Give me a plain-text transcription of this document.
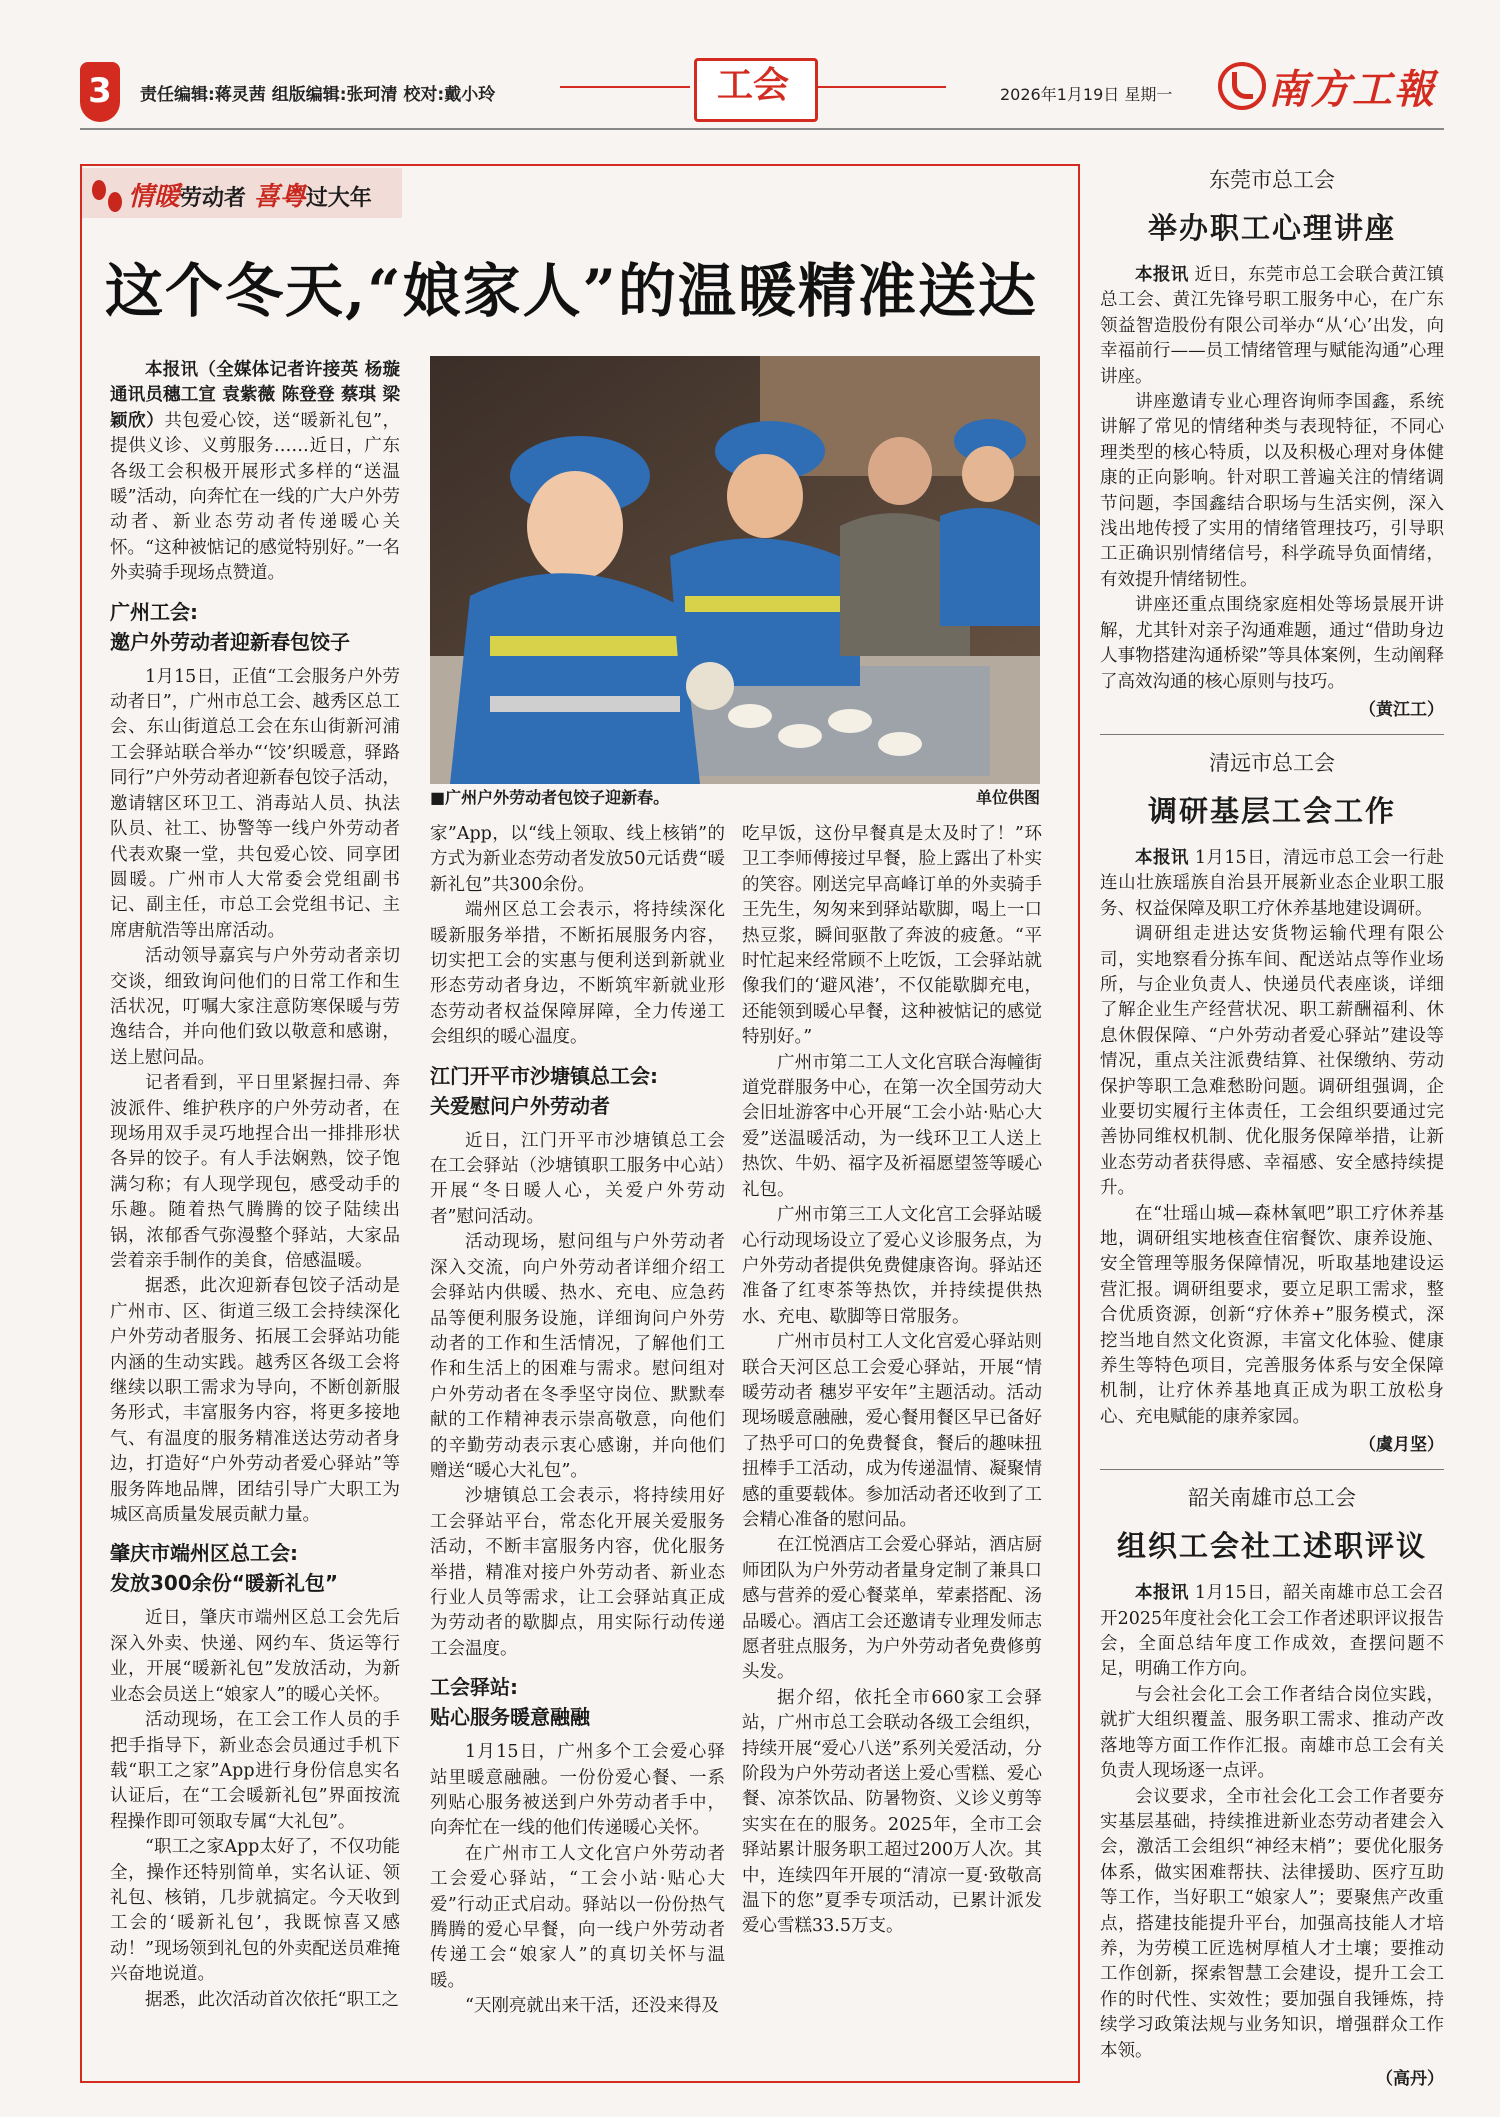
3	责任编辑:蒋灵茜 组版编辑:张珂清 校对:戴小玲	工会	2026年1月19日 星期一 南方工報
情暖劳动者 喜粤过大年
这个冬天,“娘家人”的温暖精准送达
■广州户外劳动者包饺子迎新春。	单位供图

本报讯（全媒体记者许接英 杨璇 通讯员穗工宣 袁紫薇 陈登登 蔡琪 梁颖欣）共包爱心饺，送“暖新礼包”，提供义诊、义剪服务……近日，广东各级工会积极开展形式多样的“送温暖”活动，向奔忙在一线的广大户外劳动者、新业态劳动者传递暖心关怀。“这种被惦记的感觉特别好。”一名外卖骑手现场点赞道。

广州工会:
邀户外劳动者迎新春包饺子

1月15日，正值“工会服务户外劳动者日”，广州市总工会、越秀区总工会、东山街道总工会在东山街新河浦工会驿站联合举办“‘饺’织暖意，驿路同行”户外劳动者迎新春包饺子活动，邀请辖区环卫工、消毒站人员、执法队员、社工、协警等一线户外劳动者代表欢聚一堂，共包爱心饺、同享团圆暖。广州市人大常委会党组副书记、副主任，市总工会党组书记、主席唐航浩等出席活动。

活动领导嘉宾与户外劳动者亲切交谈，细致询问他们的日常工作和生活状况，叮嘱大家注意防寒保暖与劳逸结合，并向他们致以敬意和感谢，送上慰问品。

记者看到，平日里紧握扫帚、奔波派件、维护秩序的户外劳动者，在现场用双手灵巧地捏合出一排排形状各异的饺子。有人手法娴熟，饺子饱满匀称；有人现学现包，感受动手的乐趣。随着热气腾腾的饺子陆续出锅，浓郁香气弥漫整个驿站，大家品尝着亲手制作的美食，倍感温暖。

据悉，此次迎新春包饺子活动是广州市、区、街道三级工会持续深化户外劳动者服务、拓展工会驿站功能内涵的生动实践。越秀区各级工会将继续以职工需求为导向，不断创新服务形式，丰富服务内容，将更多接地气、有温度的服务精准送达劳动者身边，打造好“户外劳动者爱心驿站”等服务阵地品牌，团结引导广大职工为城区高质量发展贡献力量。

肇庆市端州区总工会:
发放300余份“暖新礼包”

近日，肇庆市端州区总工会先后深入外卖、快递、网约车、货运等行业，开展“暖新礼包”发放活动，为新业态会员送上“娘家人”的暖心关怀。

活动现场，在工会工作人员的手把手指导下，新业态会员通过手机下载“职工之家”App进行身份信息实名认证后，在“工会暖新礼包”界面按流程操作即可领取专属“大礼包”。

“职工之家App太好了，不仅功能全，操作还特别简单，实名认证、领礼包、核销，几步就搞定。今天收到工会的‘暖新礼包’，我既惊喜又感动！”现场领到礼包的外卖配送员难掩兴奋地说道。

据悉，此次活动首次依托“职工之

家”App，以“线上领取、线上核销”的方式为新业态劳动者发放50元话费“暖新礼包”共300余份。

端州区总工会表示，将持续深化暖新服务举措，不断拓展服务内容，切实把工会的实惠与便利送到新就业形态劳动者身边，不断筑牢新就业形态劳动者权益保障屏障，全力传递工会组织的暖心温度。

江门开平市沙塘镇总工会:
关爱慰问户外劳动者

近日，江门开平市沙塘镇总工会在工会驿站（沙塘镇职工服务中心站）开展“冬日暖人心，关爱户外劳动者”慰问活动。

活动现场，慰问组与户外劳动者深入交流，向户外劳动者详细介绍工会驿站内供暖、热水、充电、应急药品等便利服务设施，详细询问户外劳动者的工作和生活情况，了解他们工作和生活上的困难与需求。慰问组对户外劳动者在冬季坚守岗位、默默奉献的工作精神表示崇高敬意，向他们的辛勤劳动表示衷心感谢，并向他们赠送“暖心大礼包”。

沙塘镇总工会表示，将持续用好工会驿站平台，常态化开展关爱服务活动，不断丰富服务内容，优化服务举措，精准对接户外劳动者、新业态行业人员等需求，让工会驿站真正成为劳动者的歇脚点，用实际行动传递工会温度。

工会驿站:
贴心服务暖意融融

1月15日，广州多个工会爱心驿站里暖意融融。一份份爱心餐、一系列贴心服务被送到户外劳动者手中，向奔忙在一线的他们传递暖心关怀。

在广州市工人文化宫户外劳动者工会爱心驿站，“工会小站·贴心大爱”行动正式启动。驿站以一份份热气腾腾的爱心早餐，向一线户外劳动者传递工会“娘家人”的真切关怀与温暖。

“天刚亮就出来干活，还没来得及

吃早饭，这份早餐真是太及时了！”环卫工李师傅接过早餐，脸上露出了朴实的笑容。刚送完早高峰订单的外卖骑手王先生，匆匆来到驿站歇脚，喝上一口热豆浆，瞬间驱散了奔波的疲惫。“平时忙起来经常顾不上吃饭，工会驿站就像我们的‘避风港’，不仅能歇脚充电，还能领到暖心早餐，这种被惦记的感觉特别好。”

广州市第二工人文化宫联合海幢街道党群服务中心，在第一次全国劳动大会旧址游客中心开展“工会小站·贴心大爱”送温暖活动，为一线环卫工人送上热饮、牛奶、福字及祈福愿望签等暖心礼包。

广州市第三工人文化宫工会驿站暖心行动现场设立了爱心义诊服务点，为户外劳动者提供免费健康咨询。驿站还准备了红枣茶等热饮，并持续提供热水、充电、歇脚等日常服务。

广州市员村工人文化宫爱心驿站则联合天河区总工会爱心驿站，开展“情暖劳动者 穗岁平安年”主题活动。活动现场暖意融融，爱心餐用餐区早已备好了热乎可口的免费餐食，餐后的趣味扭扭棒手工活动，成为传递温情、凝聚情感的重要载体。参加活动者还收到了工会精心准备的慰问品。

在江悦酒店工会爱心驿站，酒店厨师团队为户外劳动者量身定制了兼具口感与营养的爱心餐菜单，荤素搭配、汤品暖心。酒店工会还邀请专业理发师志愿者驻点服务，为户外劳动者免费修剪头发。

据介绍，依托全市660家工会驿站，广州市总工会联动各级工会组织，持续开展“爱心八送”系列关爱活动，分阶段为户外劳动者送上爱心雪糕、爱心餐、凉茶饮品、防暑物资、义诊义剪等实实在在的服务。2025年，全市工会驿站累计服务职工超过200万人次。其中，连续四年开展的“清凉一夏·致敬高温下的您”夏季专项活动，已累计派发爱心雪糕33.5万支。

东莞市总工会
举办职工心理讲座

本报讯 近日，东莞市总工会联合黄江镇总工会、黄江先锋号职工服务中心，在广东领益智造股份有限公司举办“从‘心’出发，向幸福前行——员工情绪管理与赋能沟通”心理讲座。

讲座邀请专业心理咨询师李国鑫，系统讲解了常见的情绪种类与表现特征，不同心理类型的核心特质，以及积极心理对身体健康的正向影响。针对职工普遍关注的情绪调节问题，李国鑫结合职场与生活实例，深入浅出地传授了实用的情绪管理技巧，引导职工正确识别情绪信号，科学疏导负面情绪，有效提升情绪韧性。

讲座还重点围绕家庭相处等场景展开讲解，尤其针对亲子沟通难题，通过“借助身边人事物搭建沟通桥梁”等具体案例，生动阐释了高效沟通的核心原则与技巧。

（黄江工）
清远市总工会
调研基层工会工作

本报讯 1月15日，清远市总工会一行赴连山壮族瑶族自治县开展新业态企业职工服务、权益保障及职工疗休养基地建设调研。

调研组走进达安货物运输代理有限公司，实地察看分拣车间、配送站点等作业场所，与企业负责人、快递员代表座谈，详细了解企业生产经营状况、职工薪酬福利、休息休假保障、“户外劳动者爱心驿站”建设等情况，重点关注派费结算、社保缴纳、劳动保护等职工急难愁盼问题。调研组强调，企业要切实履行主体责任，工会组织要通过完善协同维权机制、优化服务保障举措，让新业态劳动者获得感、幸福感、安全感持续提升。

在“壮瑶山城—森林氧吧”职工疗休养基地，调研组实地核查住宿餐饮、康养设施、安全管理等服务保障情况，听取基地建设运营汇报。调研组要求，要立足职工需求，整合优质资源，创新“疗休养+”服务模式，深挖当地自然文化资源，丰富文化体验、健康养生等特色项目，完善服务体系与安全保障机制，让疗休养基地真正成为职工放松身心、充电赋能的康养家园。

（虞月坚）
韶关南雄市总工会
组织工会社工述职评议

本报讯 1月15日，韶关南雄市总工会召开2025年度社会化工会工作者述职评议报告会，全面总结年度工作成效，查摆问题不足，明确工作方向。

与会社会化工会工作者结合岗位实践，就扩大组织覆盖、服务职工需求、推动产改落地等方面工作作汇报。南雄市总工会有关负责人现场逐一点评。

会议要求，全市社会化工会工作者要夯实基层基础，持续推进新业态劳动者建会入会，激活工会组织“神经末梢”；要优化服务体系，做实困难帮扶、法律援助、医疗互助等工作，当好职工“娘家人”；要聚焦产改重点，搭建技能提升平台，加强高技能人才培养，为劳模工匠选树厚植人才土壤；要推动工作创新，探索智慧工会建设，提升工会工作的时代性、实效性；要加强自我锤炼，持续学习政策法规与业务知识，增强群众工作本领。

（高丹）
